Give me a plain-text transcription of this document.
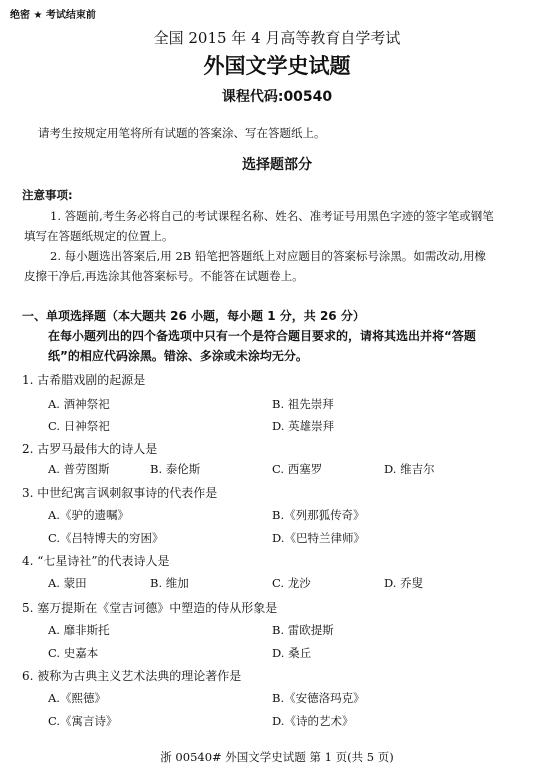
绝密 ★ 考试结束前
全国 2015 年 4 月高等教育自学考试
外国文学史试题
课程代码:00540
请考生按规定用笔将所有试题的答案涂、写在答题纸上。
选择题部分
注意事项:
1. 答题前,考生务必将自己的考试课程名称、姓名、准考证号用黑色字迹的签字笔或钢笔
填写在答题纸规定的位置上。
2. 每小题选出答案后,用 2B 铅笔把答题纸上对应题目的答案标号涂黑。如需改动,用橡
皮擦干净后,再选涂其他答案标号。不能答在试题卷上。
一、单项选择题（本大题共 26 小题，每小题 1 分，共 26 分）
在每小题列出的四个备选项中只有一个是符合题目要求的，请将其选出并将“答题
纸”的相应代码涂黑。错涂、多涂或未涂均无分。
1. 古希腊戏剧的起源是
A. 酒神祭祀	B. 祖先崇拜
C. 日神祭祀	D. 英雄崇拜
2. 古罗马最伟大的诗人是
A. 普劳图斯	B. 泰伦斯	C. 西塞罗	D. 维吉尔
3. 中世纪寓言讽刺叙事诗的代表作是
A.《驴的遗嘱》	B.《列那狐传奇》
C.《吕特博夫的穷困》	D.《巴特兰律师》
4. “七星诗社”的代表诗人是
A. 蒙田	B. 维加	C. 龙沙	D. 乔叟
5. 塞万提斯在《堂吉诃德》中塑造的侍从形象是
A. 靡非斯托	B. 雷欧提斯
C. 史嘉本	D. 桑丘
6. 被称为古典主义艺术法典的理论著作是
A.《熙德》	B.《安德洛玛克》
C.《寓言诗》	D.《诗的艺术》
浙 00540# 外国文学史试题 第 1 页(共 5 页)
